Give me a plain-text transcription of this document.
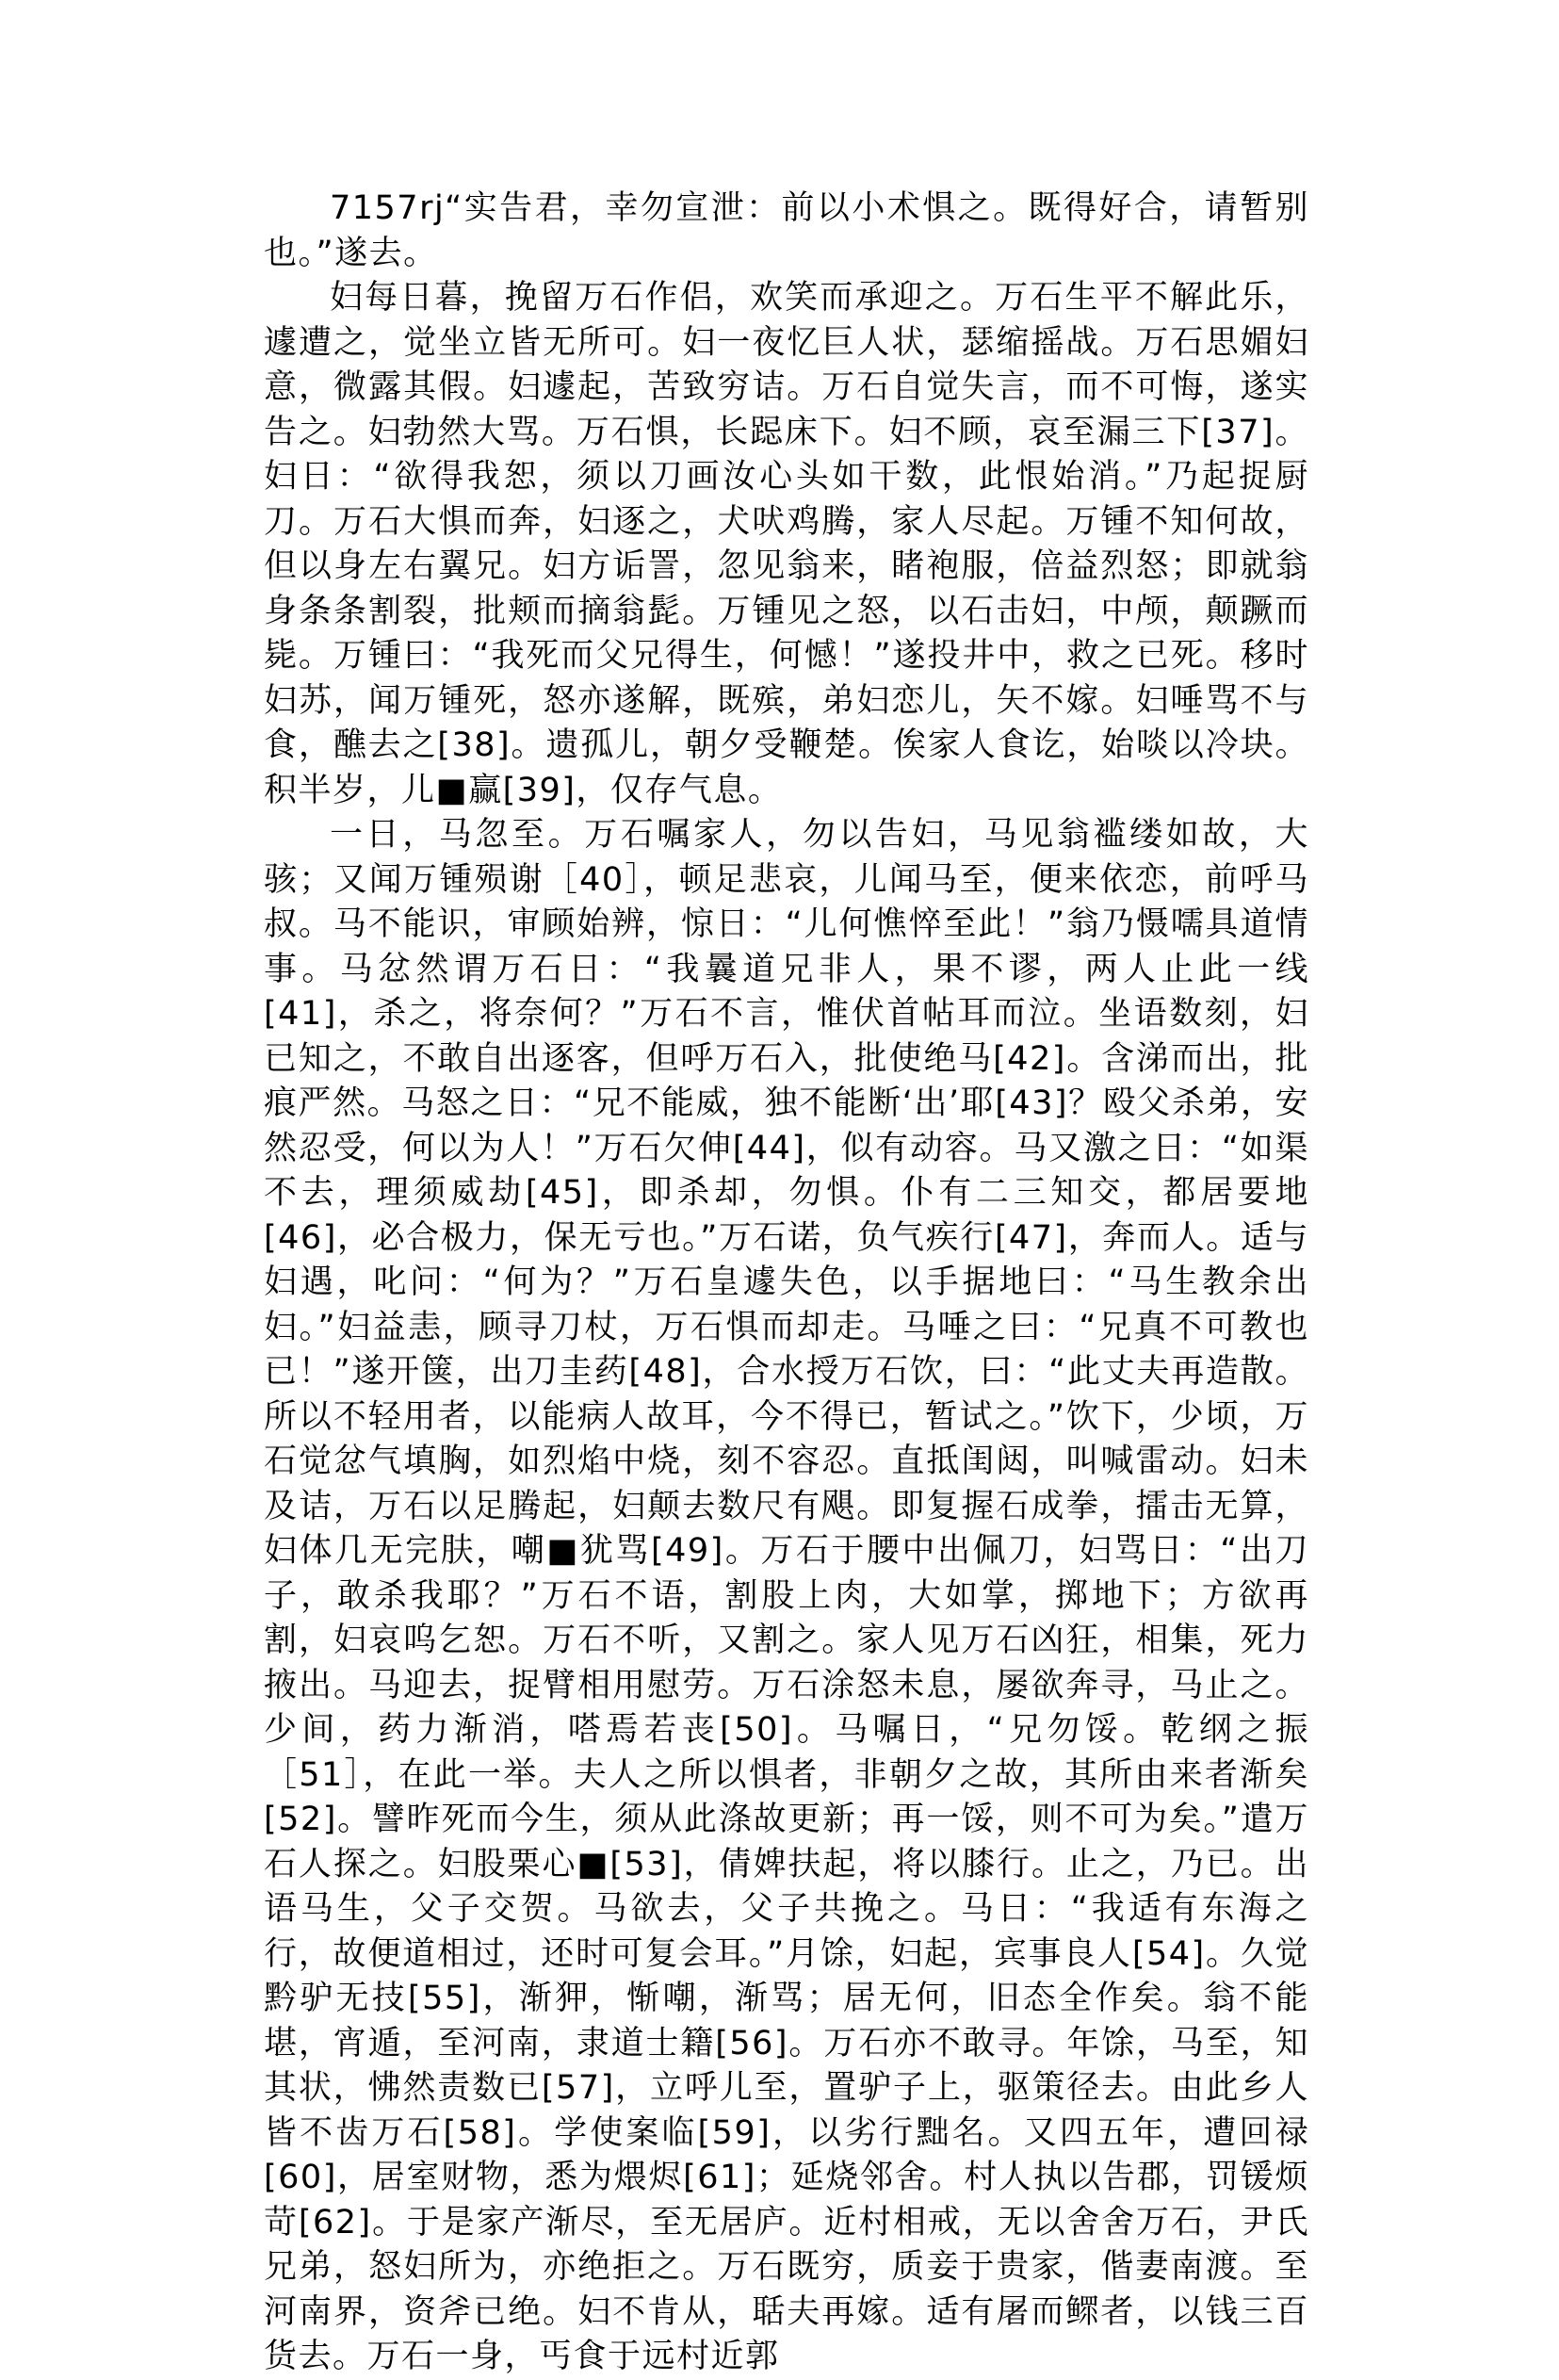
7157rj“实告君，幸勿宣泄：前以小术惧之。既得好合，请暂别也。”遂去。

妇每日暮，挽留万石作侣，欢笑而承迎之。万石生平不解此乐，遽遭之，觉坐立皆无所可。妇一夜忆巨人状，瑟缩摇战。万石思媚妇意，微露其假。妇遽起，苦致穷诘。万石自觉失言，而不可悔，遂实告之。妇勃然大骂。万石惧，长跽床下。妇不顾，哀至漏三下[37]。妇日：“欲得我恕，须以刀画汝心头如干数，此恨始消。”乃起捉厨刀。万石大惧而奔，妇逐之，犬吠鸡腾，家人尽起。万锺不知何故，但以身左右翼兄。妇方诟詈，忽见翁来，睹袍服，倍益烈怒；即就翁身条条割裂，批颊而摘翁髭。万锺见之怒，以石击妇，中颅，颠蹶而毙。万锺曰：“我死而父兄得生，何憾！”遂投井中，救之已死。移时妇苏，闻万锺死，怒亦遂解，既殡，弟妇恋儿，矢不嫁。妇唾骂不与食，醮去之[38]。遗孤儿，朝夕受鞭楚。俟家人食讫，始啖以冷块。积半岁，儿■赢[39]，仅存气息。

一日，马忽至。万石嘱家人，勿以告妇，马见翁褴缕如故，大骇；又闻万锺殒谢［40］，顿足悲哀，儿闻马至，便来依恋，前呼马叔。马不能识，审顾始辨，惊日：“儿何憔悴至此！”翁乃慑嚅具道情事。马忿然谓万石日：“我曩道兄非人，果不谬，两人止此一线[41]，杀之，将奈何？”万石不言，惟伏首帖耳而泣。坐语数刻，妇已知之，不敢自出逐客，但呼万石入，批使绝马[42]。含涕而出，批痕严然。马怒之日：“兄不能威，独不能断‘出’耶[43]？殴父杀弟，安然忍受，何以为人！”万石欠伸[44]，似有动容。马又激之日：“如渠不去，理须威劫[45]，即杀却，勿惧。仆有二三知交，都居要地[46]，必合极力，保无亏也。”万石诺，负气疾行[47]，奔而人。适与妇遇，叱问：“何为？”万石皇遽失色，以手据地曰：“马生教余出妇。”妇益恚，顾寻刀杖，万石惧而却走。马唾之曰：“兄真不可教也已！”遂开箧，出刀圭药[48]，合水授万石饮，曰：“此丈夫再造散。所以不轻用者，以能病人故耳，今不得已，暂试之。”饮下，少顷，万石觉忿气填胸，如烈焰中烧，刻不容忍。直抵闺闼，叫喊雷动。妇未及诘，万石以足腾起，妇颠去数尺有飓。即复握石成拳，擂击无算，妇体几无完肤，嘲■犹骂[49]。万石于腰中出佩刀，妇骂日：“出刀子，敢杀我耶？”万石不语，割股上肉，大如掌，掷地下；方欲再割，妇哀呜乞恕。万石不听，又割之。家人见万石凶狂，相集，死力掖出。马迎去，捉臂相用慰劳。万石涂怒未息，屡欲奔寻，马止之。少间，药力渐消，嗒焉若丧[50]。马嘱日，“兄勿馁。乾纲之振［51］，在此一举。夫人之所以惧者，非朝夕之故，其所由来者渐矣[52]。譬昨死而今生，须从此涤故更新；再一馁，则不可为矣。”遣万石人探之。妇股栗心■[53]，倩婢扶起，将以膝行。止之，乃已。出语马生，父子交贺。马欲去，父子共挽之。马日：“我适有东海之行，故便道相过，还时可复会耳。”月馀，妇起，宾事良人[54]。久觉黔驴无技[55]，渐狎，惭嘲，渐骂；居无何，旧态全作矣。翁不能堪，宵遁，至河南，隶道士籍[56]。万石亦不敢寻。年馀，马至，知其状，怫然责数已[57]，立呼儿至，置驴子上，驱策径去。由此乡人皆不齿万石[58]。学使案临[59]，以劣行黜名。又四五年，遭回禄[60]，居室财物，悉为煨烬[61]；延烧邻舍。村人执以告郡，罚锾烦苛[62]。于是家产渐尽，至无居庐。近村相戒，无以舍舍万石，尹氏兄弟，怒妇所为，亦绝拒之。万石既穷，质妾于贵家，偕妻南渡。至河南界，资斧已绝。妇不肯从，聒夫再嫁。适有屠而鳏者，以钱三百货去。万石一身，丐食于远村近郭
